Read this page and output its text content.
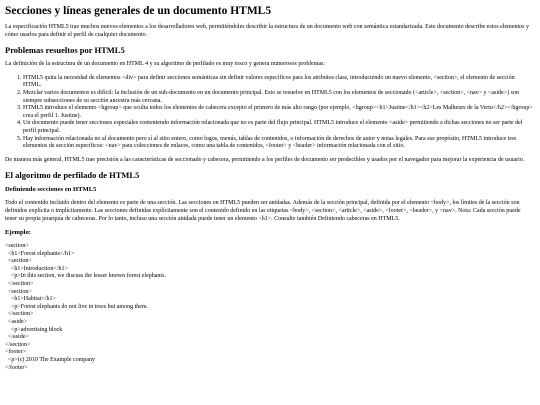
Secciones y líneas generales de un documento HTML5

La especificación HTML5 trae muchos nuevos elementos a los desarrolladores web, permitiéndoles describir la estructura de un documento web con semántica estandarizada. Este documento describe estos elementos y cómo usarlos para definir el perfil de cualquier documento.

Problemas resueltos por HTML5

La definición de la estructura de un documento en HTML 4 y su algoritmo de perfilado es muy tosco y genera numerosos problemas:

1. HTML5 quita la necesidad de elementos <div> para definir secciones semánticas sin definir valores específicos para los atributos class, introduciendo un nuevo elemento, <section>, el elemento de sección HTML.
2. Mezclar varios documentos es difícil: la inclusión de un sub-documento en un documento principal. Esto se resuelve en HTML5 con los elementos de seccionado (<article>, <section>, <nav> y <aside>) son siempre subsecciones de su sección ancestra más cercana.
3. HTML5 introduce el elemento <hgroup> que oculta todos los elementos de cabecera excepto el primero de más alto rango (por ejemplo, <hgroup><h1>Justine</h1><h2>Les Malheurs de la Vertu</h2></hgroup> crea el perfil 1. Justine).
4. Un documento puede tener secciones especiales conteniendo información relacionada que no es parte del flujo principal. HTML5 introduce el elemento <aside> permitiendo a dichas secciones no ser parte del perfil principal.
5. Hay información relacionada no al documento pero sí al sitio entero, como logos, menús, tablas de contenidos, o información de derechos de autor y notas legales. Para ese propósito, HTML5 introduce tres elementos de sección específicos: <nav> para colecciones de enlaces, como una tabla de contenidos, <footer> y <header> información relacionada con el sitio.

De manera más general, HTML5 trae precisión a las características de seccionado y cabecera, permitiendo a los perfiles de documento ser predecibles y usados por el navegador para mejorar la experiencia de usuario.

El algoritmo de perfilado de HTML5
Definiendo secciones en HTML5

Todo el contenido incluido dentro del elemento es parte de una sección. Las secciones en HTML5 pueden ser anidadas. Además de la sección principal, definida por el elemento <body>, los límites de la sección son definidos explícita o implícitamente. Las secciones definidas explícitamente son el contenido definido en las etiquetas <body>, <section>, <article>, <aside>, <footer>, <header>, y <nav>. Nota: Cada sección puede tener su propia jerarquía de cabeceras. Por lo tanto, incluso una sección anidada puede tener un elemento <h1>. Consulte también Definiendo cabeceras en HTML5.

Ejemplo:
<section>
<h1>Forest elephants</h1>
<section>
<h1>Introduction</h1>
<p>In this section, we discuss the lesser known forest elephants.
</section>
<section>
<h1>Habitat</h1>
<p>Forest elephants do not live in trees but among them.
</section>
<aside>
<p>advertising block
</aside>
</section>
<footer>
<p>(c) 2010 The Example company
</footer>
